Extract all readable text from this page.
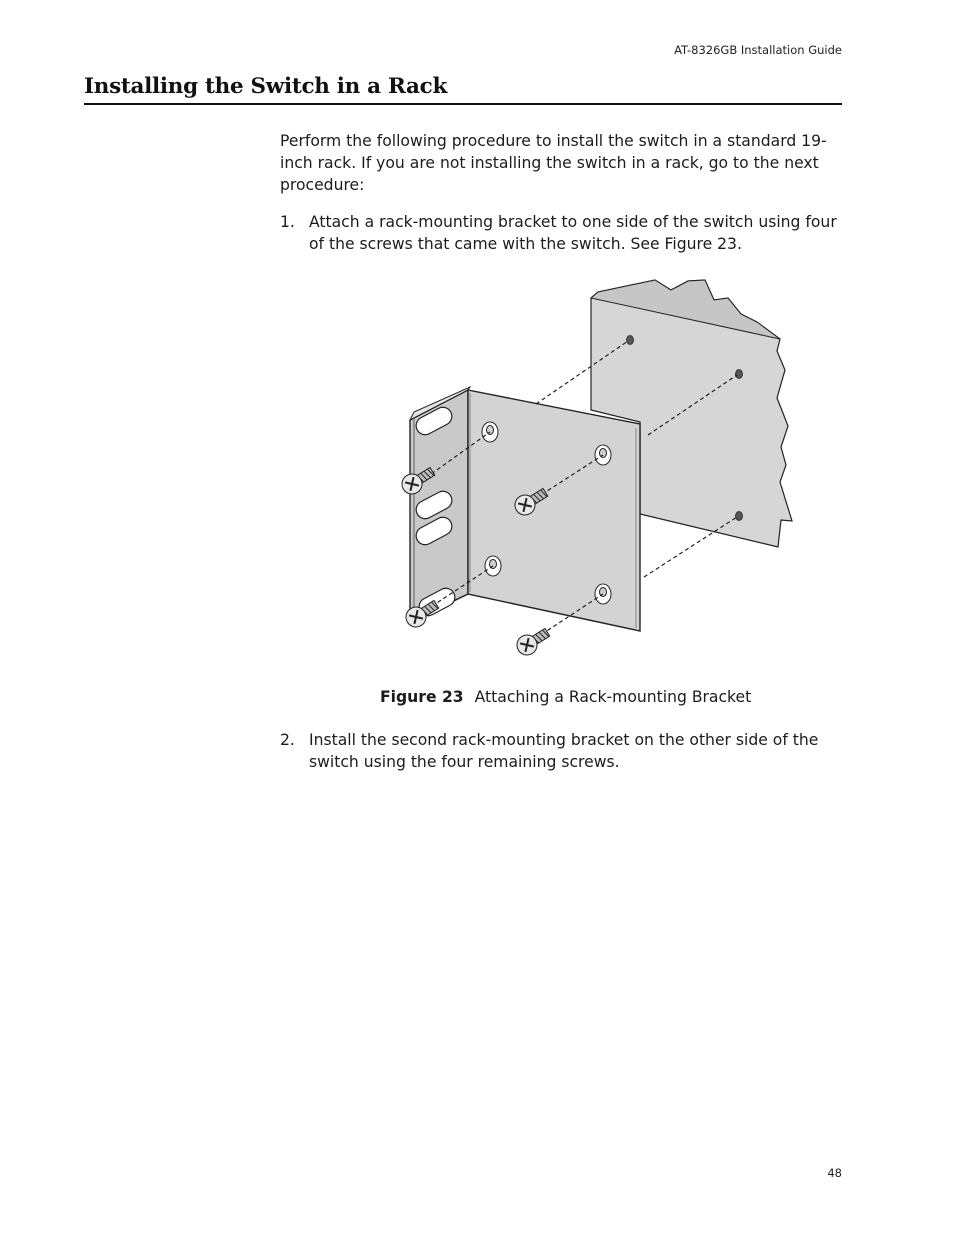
AT-8326GB Installation Guide
Installing the Switch in a Rack

Perform the following procedure to install the switch in a standard 19-inch rack. If you are not installing the switch in a rack, go to the next procedure:

1. Attach a rack-mounting bracket to one side of the switch using four of the screws that came with the switch. See Figure 23.
Figure 23 Attaching a Rack-mounting Bracket
2. Install the second rack-mounting bracket on the other side of the switch using the four remaining screws.
48
